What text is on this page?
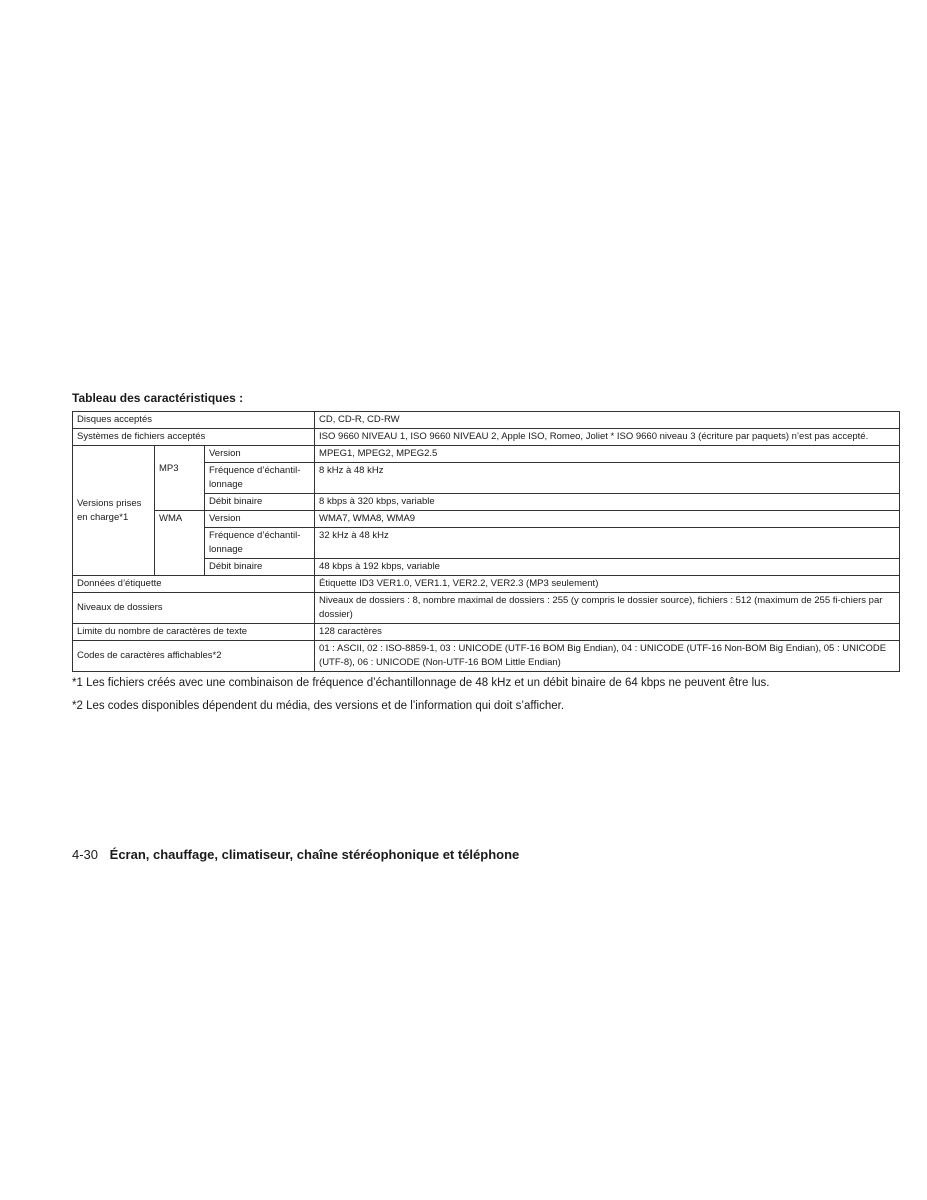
Tableau des caractéristiques :
Disques acceptés			CD, CD-R, CD-RW
Systèmes de fichiers acceptés			ISO 9660 NIVEAU 1, ISO 9660 NIVEAU 2, Apple ISO, Romeo, Joliet * ISO 9660 niveau 3 (écriture par paquets) n’est pas accepté.
Versions prises en charge*1	MP3	Version	MPEG1, MPEG2, MPEG2.5
		Fréquence d’échantil-lonnage	8 kHz à 48 kHz
		Débit binaire	8 kbps à 320 kbps, variable
	WMA	Version	WMA7, WMA8, WMA9
		Fréquence d’échantil-lonnage	32 kHz à 48 kHz
		Débit binaire	48 kbps à 192 kbps, variable
Données d’étiquette			Étiquette ID3 VER1.0, VER1.1, VER2.2, VER2.3 (MP3 seulement)
Niveaux de dossiers			Niveaux de dossiers : 8, nombre maximal de dossiers : 255 (y compris le dossier source), fichiers : 512 (maximum de 255 fi-chiers par dossier)
Limite du nombre de caractères de texte			128 caractères
Codes de caractères affichables*2			01 : ASCII, 02 : ISO-8859-1, 03 : UNICODE (UTF-16 BOM Big Endian), 04 : UNICODE (UTF-16 Non-BOM Big Endian), 05 : UNICODE (UTF-8), 06 : UNICODE (Non-UTF-16 BOM Little Endian)

*1 Les fichiers créés avec une combinaison de fréquence d’échantillonnage de 48 kHz et un débit binaire de 64 kbps ne peuvent être lus.

*2 Les codes disponibles dépendent du média, des versions et de l’information qui doit s’afficher.

4-30 Écran, chauffage, climatiseur, chaîne stéréophonique et téléphone
